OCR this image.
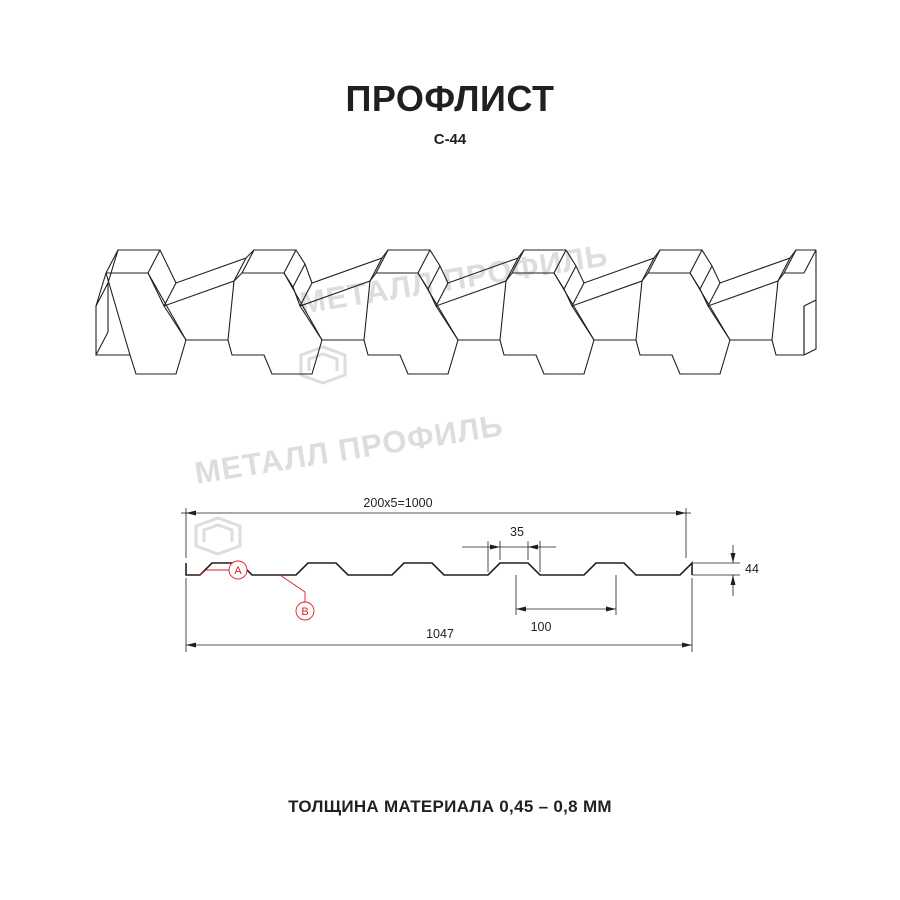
МЕТАЛЛ ПРОФИЛЬ
МЕТАЛЛ ПРОФИЛЬ
ПРОФЛИСТ
С-44
ТОЛЩИНА МАТЕРИАЛА 0,45 – 0,8 ММ
A
B
200х5=1000
35
1047	100
44
